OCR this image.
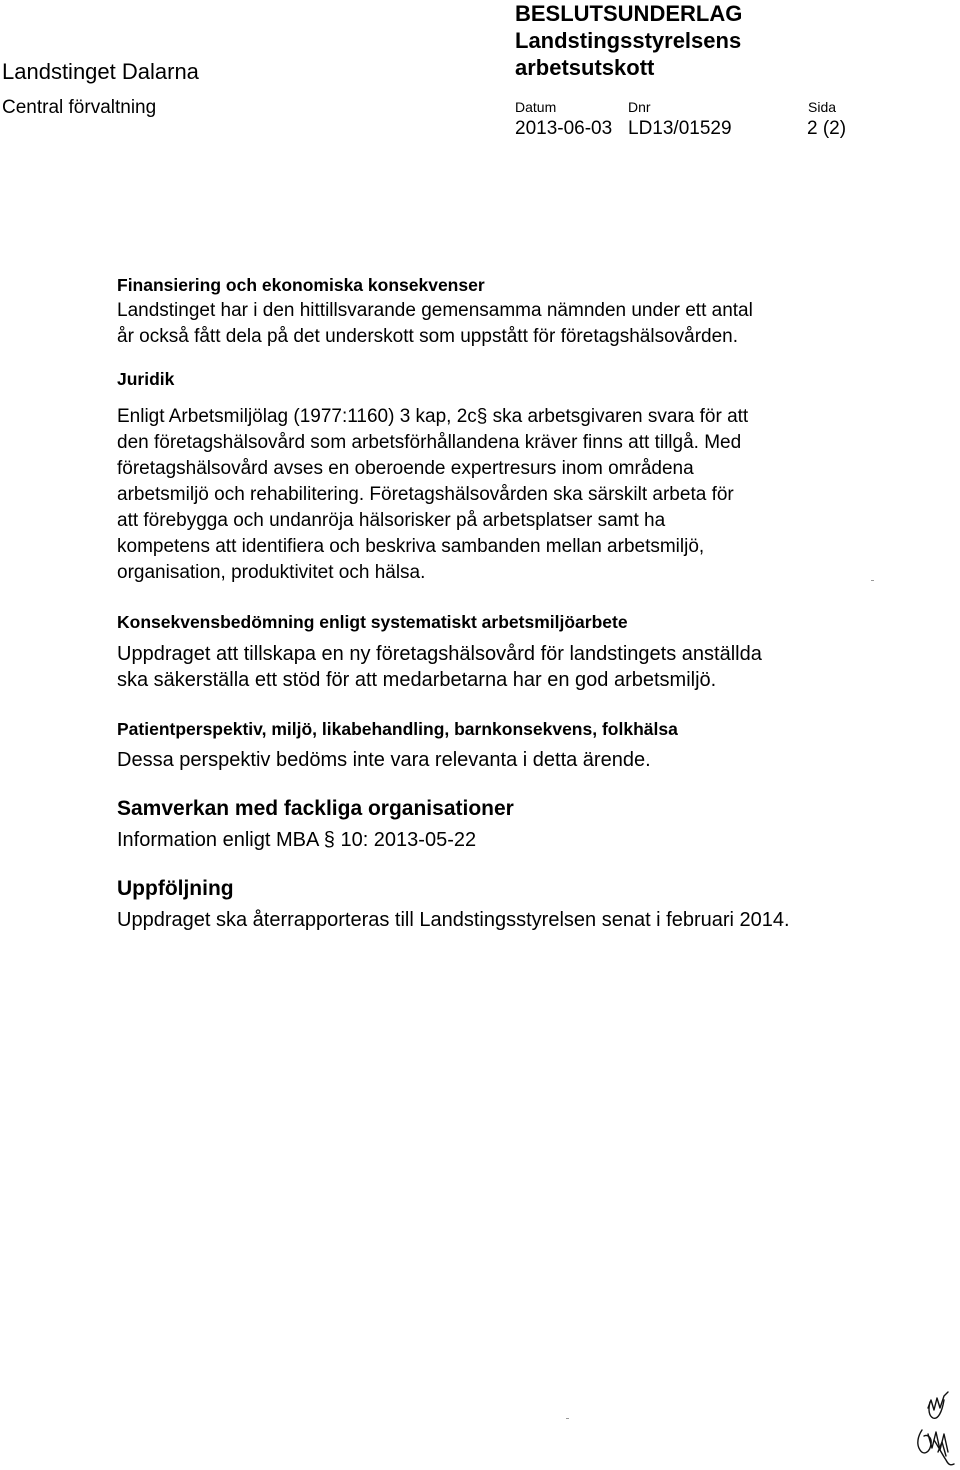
Landstinget Dalarna
Central förvaltning
BESLUTSUNDERLAG
Landstingsstyrelsens
arbetsutskott
Datum	Dnr	Sida
2013-06-03 LD13/01529	2 (2)

Finansiering och ekonomiska konsekvenser

Landstinget har i den hittillsvarande gemensamma nämnden under ett antal
år också fått dela på det underskott som uppstått för företagshälsovården.

Juridik

Enligt Arbetsmiljölag (1977:1160) 3 kap, 2c§ ska arbetsgivaren svara för att
den företagshälsovård som arbetsförhållandena kräver finns att tillgå. Med
företagshälsovård avses en oberoende expertresurs inom områdena
arbetsmiljö och rehabilitering. Företagshälsovården ska särskilt arbeta för
att förebygga och undanröja hälsorisker på arbetsplatser samt ha
kompetens att identifiera och beskriva sambanden mellan arbetsmiljö,
organisation, produktivitet och hälsa.

Konsekvensbedömning enligt systematiskt arbetsmiljöarbete

Uppdraget att tillskapa en ny företagshälsovård för landstingets anställda
ska säkerställa ett stöd för att medarbetarna har en god arbetsmiljö.

Patientperspektiv, miljö, likabehandling, barnkonsekvens, folkhälsa

Dessa perspektiv bedöms inte vara relevanta i detta ärende.

Samverkan med fackliga organisationer

Information enligt MBA § 10: 2013-05-22

Uppföljning

Uppdraget ska återrapporteras till Landstingsstyrelsen senat i februari 2014.
